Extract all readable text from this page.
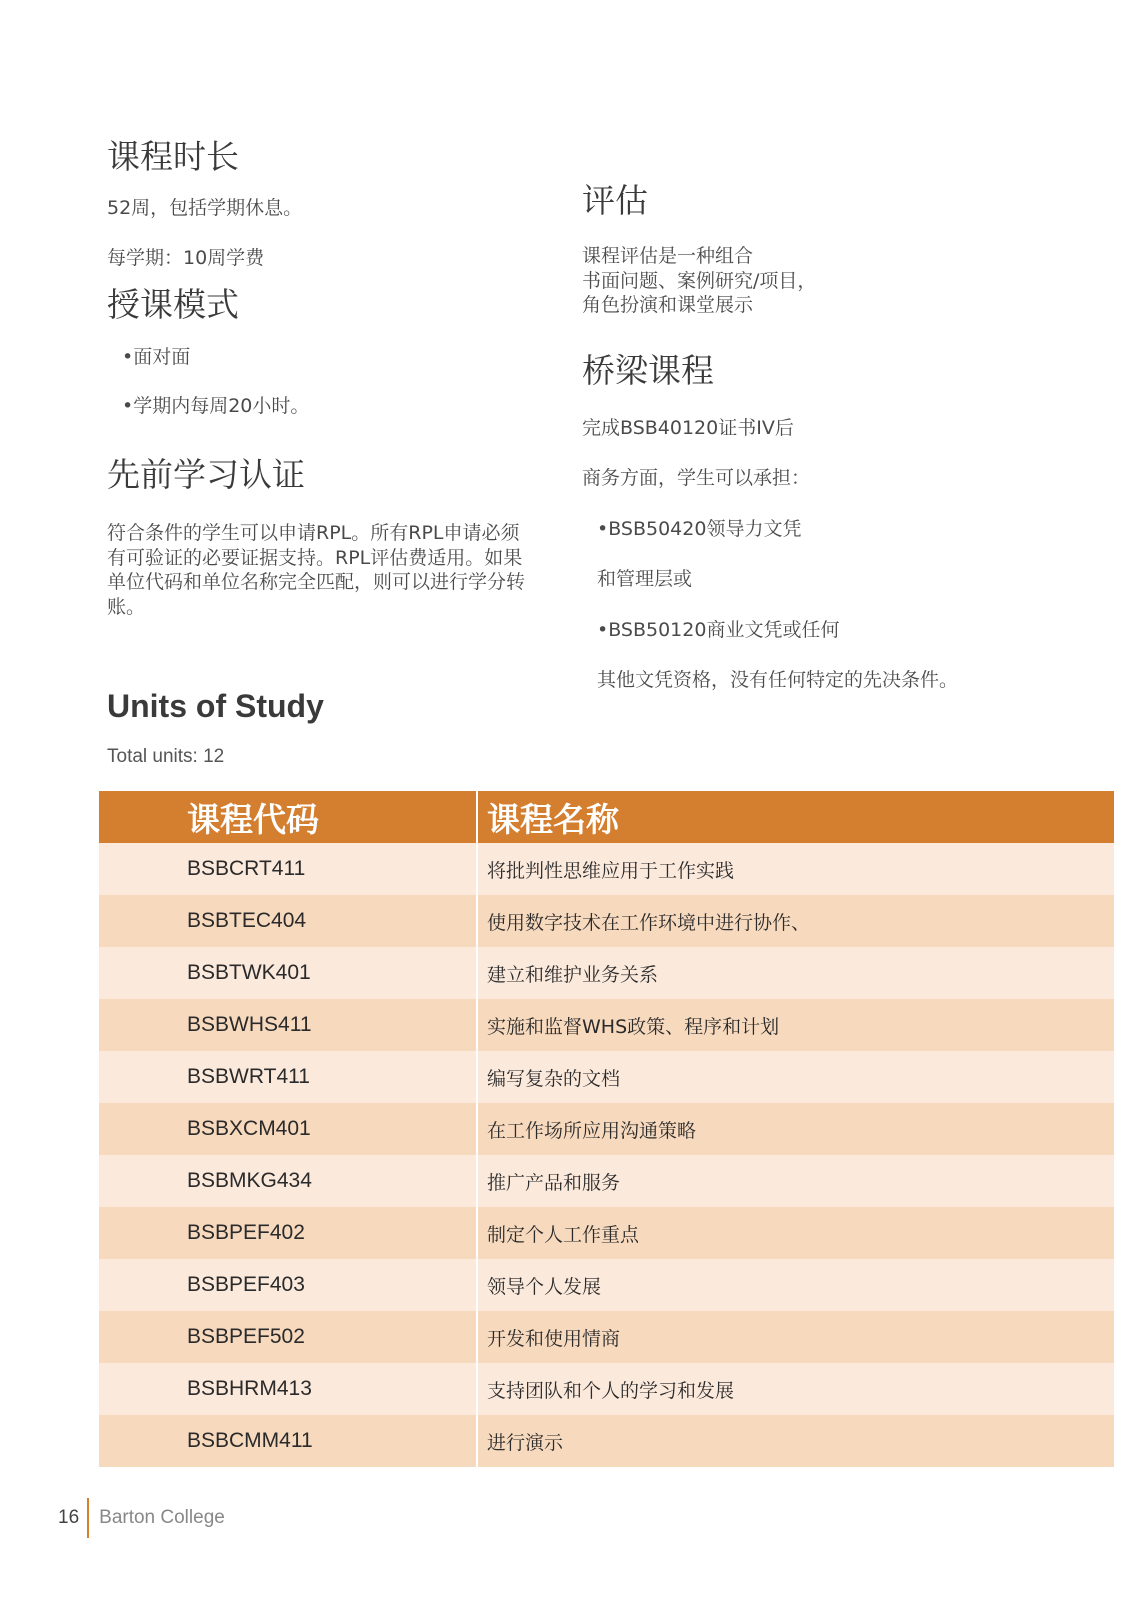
课程时长
52周，包括学期休息。
每学期：10周学费
授课模式
•面对面
•学期内每周20小时。
先前学习认证
符合条件的学生可以申请RPL。所有RPL申请必须
有可验证的必要证据支持。RPL评估费适用。如果
单位代码和单位名称完全匹配，则可以进行学分转
账。
评估
课程评估是一种组合
书面问题、案例研究/项目，
角色扮演和课堂展示
桥梁课程
完成BSB40120证书IV后
商务方面，学生可以承担：
•BSB50420领导力文凭
和管理层或
•BSB50120商业文凭或任何
其他文凭资格，没有任何特定的先决条件。
Units of Study
Total units: 12
课程代码	课程名称
BSBCRT411	将批判性思维应用于工作实践
BSBTEC404	使用数字技术在工作环境中进行协作、
BSBTWK401	建立和维护业务关系
BSBWHS411	实施和监督WHS政策、程序和计划
BSBWRT411	编写复杂的文档
BSBXCM401	在工作场所应用沟通策略
BSBMKG434	推广产品和服务
BSBPEF402	制定个人工作重点
BSBPEF403	领导个人发展
BSBPEF502	开发和使用情商
BSBHRM413	支持团队和个人的学习和发展
BSBCMM411	进行演示
16	Barton College
